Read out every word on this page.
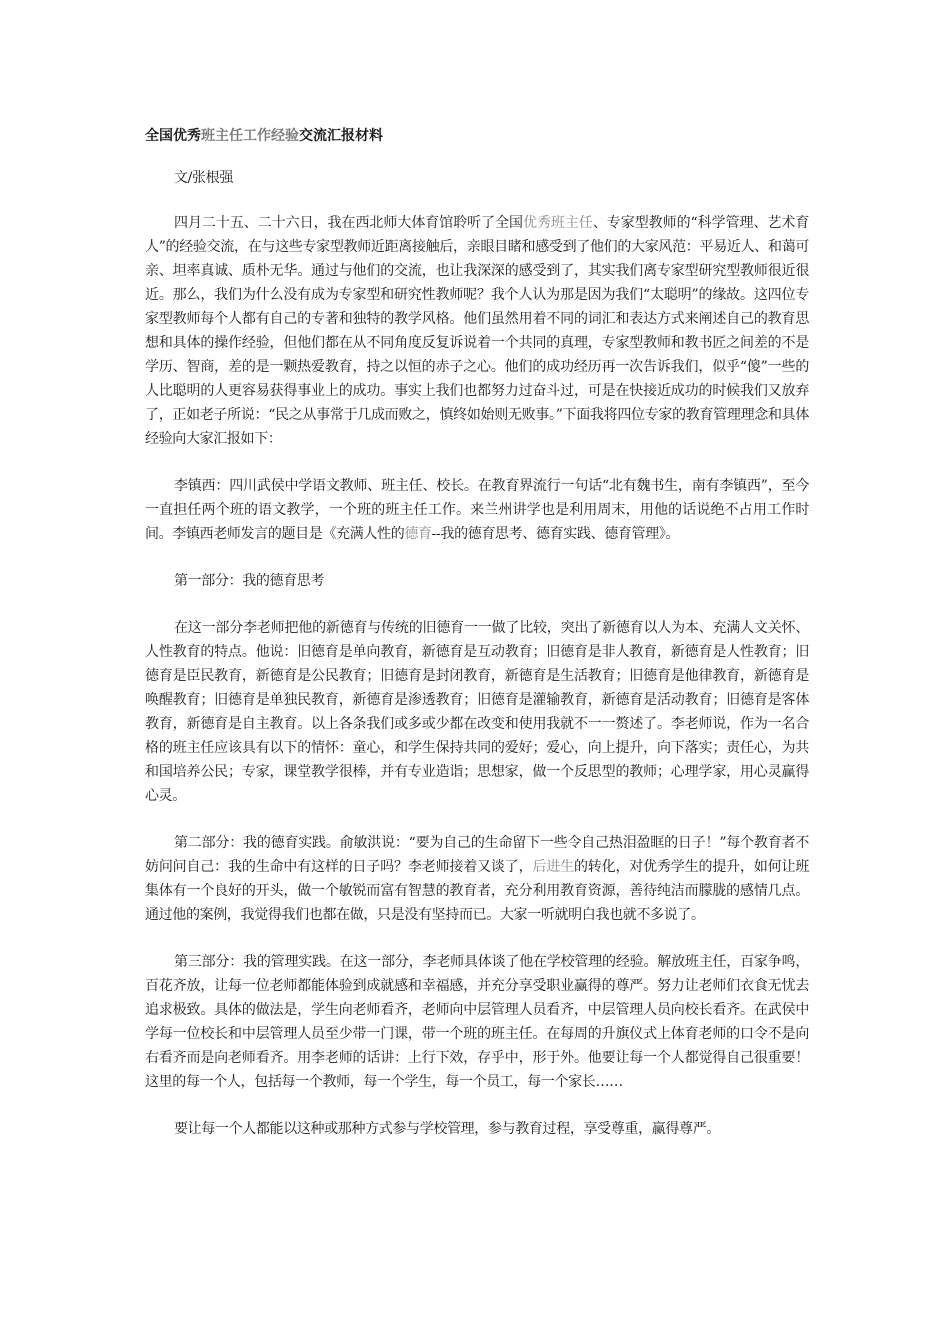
全国优秀班主任工作经验交流汇报材料

文/张根强

四月二十五、二十六日，我在西北师大体育馆聆听了全国优秀班主任、专家型教师的“科学管理、艺术育人”的经验交流，在与这些专家型教师近距离接触后，亲眼目睹和感受到了他们的大家风范：平易近人、和蔼可亲、坦率真诚、质朴无华。通过与他们的交流，也让我深深的感受到了，其实我们离专家型研究型教师很近很近。那么，我们为什么没有成为专家型和研究性教师呢？我个人认为那是因为我们“太聪明”的缘故。这四位专家型教师每个人都有自己的专著和独特的教学风格。他们虽然用着不同的词汇和表达方式来阐述自己的教育思想和具体的操作经验，但他们都在从不同角度反复诉说着一个共同的真理，专家型教师和教书匠之间差的不是学历、智商，差的是一颗热爱教育，持之以恒的赤子之心。他们的成功经历再一次告诉我们，似乎“傻”一些的人比聪明的人更容易获得事业上的成功。事实上我们也都努力过奋斗过，可是在快接近成功的时候我们又放弃了，正如老子所说：“民之从事常于几成而败之，慎终如始则无败事。”下面我将四位专家的教育管理理念和具体经验向大家汇报如下：

李镇西：四川武侯中学语文教师、班主任、校长。在教育界流行一句话“北有魏书生，南有李镇西”，至今一直担任两个班的语文教学，一个班的班主任工作。来兰州讲学也是利用周末，用他的话说绝不占用工作时间。李镇西老师发言的题目是《充满人性的德育--我的德育思考、德育实践、德育管理》。

第一部分：我的德育思考

在这一部分李老师把他的新德育与传统的旧德育一一做了比较，突出了新德育以人为本、充满人文关怀、人性教育的特点。他说：旧德育是单向教育，新德育是互动教育；旧德育是非人教育，新德育是人性教育；旧德育是臣民教育，新德育是公民教育；旧德育是封闭教育，新德育是生活教育；旧德育是他律教育，新德育是唤醒教育；旧德育是单独民教育，新德育是渗透教育；旧德育是灌输教育，新德育是活动教育；旧德育是客体教育，新德育是自主教育。以上各条我们或多或少都在改变和使用我就不一一赘述了。李老师说，作为一名合格的班主任应该具有以下的情怀：童心，和学生保持共同的爱好；爱心，向上提升，向下落实；责任心，为共和国培养公民；专家，课堂教学很棒，并有专业造诣；思想家，做一个反思型的教师；心理学家，用心灵赢得心灵。

第二部分：我的德育实践。俞敏洪说：“要为自己的生命留下一些令自己热泪盈眶的日子！”每个教育者不妨问问自己：我的生命中有这样的日子吗？李老师接着又谈了，后进生的转化，对优秀学生的提升，如何让班集体有一个良好的开头，做一个敏锐而富有智慧的教育者，充分利用教育资源，善待纯洁而朦胧的感情几点。通过他的案例，我觉得我们也都在做，只是没有坚持而已。大家一听就明白我也就不多说了。

第三部分：我的管理实践。在这一部分，李老师具体谈了他在学校管理的经验。解放班主任，百家争鸣，百花齐放，让每一位老师都能体验到成就感和幸福感，并充分享受职业赢得的尊严。努力让老师们衣食无忧去追求极致。具体的做法是，学生向老师看齐，老师向中层管理人员看齐，中层管理人员向校长看齐。在武侯中学每一位校长和中层管理人员至少带一门课，带一个班的班主任。在每周的升旗仪式上体育老师的口令不是向右看齐而是向老师看齐。用李老师的话讲：上行下效，存乎中，形于外。他要让每一个人都觉得自己很重要！这里的每一个人，包括每一个教师，每一个学生，每一个员工，每一个家长……

要让每一个人都能以这种或那种方式参与学校管理，参与教育过程，享受尊重，赢得尊严。
